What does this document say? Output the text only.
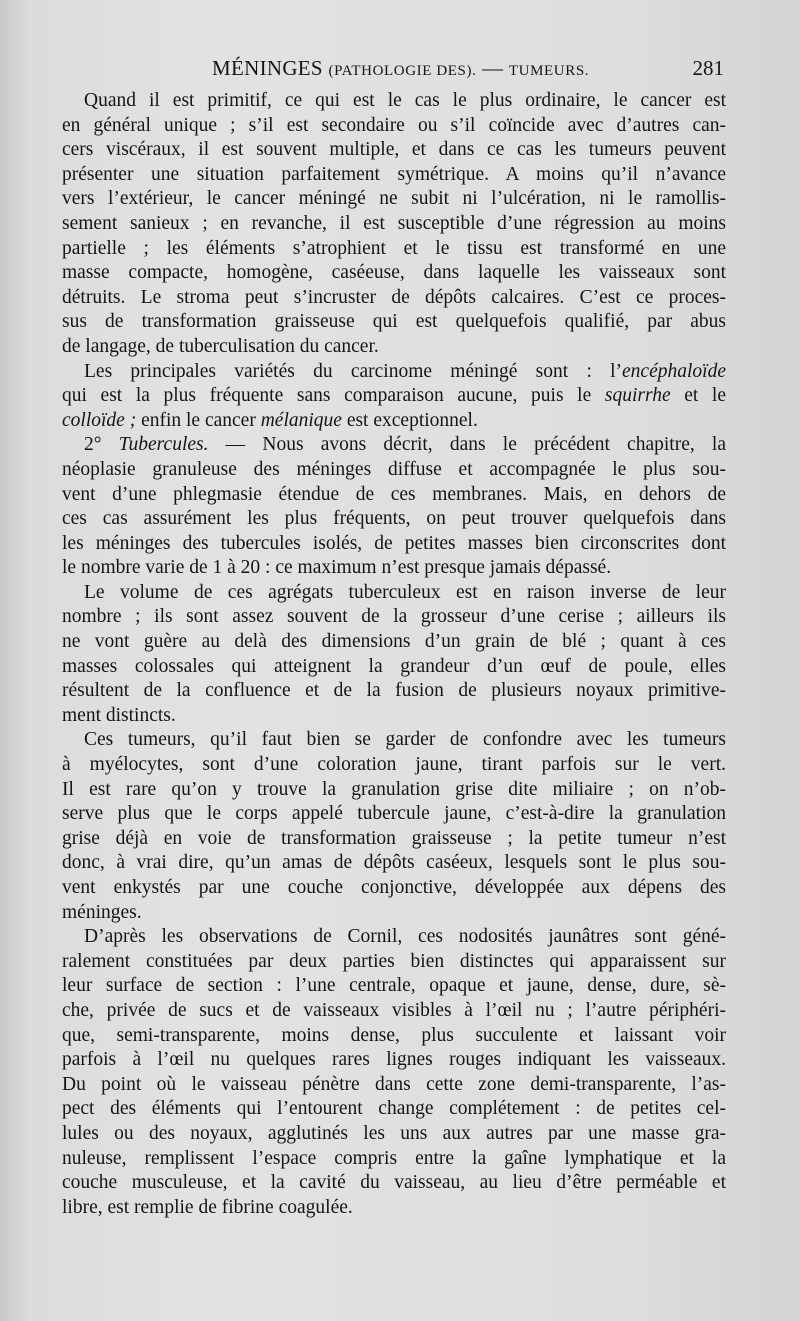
MÉNINGES (PATHOLOGIE DES). — TUMEURS.	281
Quand il est primitif, ce qui est le cas le plus ordinaire, le cancer est
en général unique ; s’il est secondaire ou s’il coïncide avec d’autres can-
cers viscéraux, il est souvent multiple, et dans ce cas les tumeurs peuvent
présenter une situation parfaitement symétrique. A moins qu’il n’avance
vers l’extérieur, le cancer méningé ne subit ni l’ulcération, ni le ramollis-
sement sanieux ; en revanche, il est susceptible d’une régression au moins
partielle ; les éléments s’atrophient et le tissu est transformé en une
masse compacte, homogène, caséeuse, dans laquelle les vaisseaux sont
détruits. Le stroma peut s’incruster de dépôts calcaires. C’est ce proces-
sus de transformation graisseuse qui est quelquefois qualifié, par abus
de langage, de tuberculisation du cancer.
Les principales variétés du carcinome méningé sont : l’encéphaloïde
qui est la plus fréquente sans comparaison aucune, puis le squirrhe et le
colloïde ; enfin le cancer mélanique est exceptionnel.
2° Tubercules. — Nous avons décrit, dans le précédent chapitre, la
néoplasie granuleuse des méninges diffuse et accompagnée le plus sou-
vent d’une phlegmasie étendue de ces membranes. Mais, en dehors de
ces cas assurément les plus fréquents, on peut trouver quelquefois dans
les méninges des tubercules isolés, de petites masses bien circonscrites dont
le nombre varie de 1 à 20 : ce maximum n’est presque jamais dépassé.
Le volume de ces agrégats tuberculeux est en raison inverse de leur
nombre ; ils sont assez souvent de la grosseur d’une cerise ; ailleurs ils
ne vont guère au delà des dimensions d’un grain de blé ; quant à ces
masses colossales qui atteignent la grandeur d’un œuf de poule, elles
résultent de la confluence et de la fusion de plusieurs noyaux primitive-
ment distincts.
Ces tumeurs, qu’il faut bien se garder de confondre avec les tumeurs
à myélocytes, sont d’une coloration jaune, tirant parfois sur le vert.
Il est rare qu’on y trouve la granulation grise dite miliaire ; on n’ob-
serve plus que le corps appelé tubercule jaune, c’est-à-dire la granulation
grise déjà en voie de transformation graisseuse ; la petite tumeur n’est
donc, à vrai dire, qu’un amas de dépôts caséeux, lesquels sont le plus sou-
vent enkystés par une couche conjonctive, développée aux dépens des
méninges.
D’après les observations de Cornil, ces nodosités jaunâtres sont géné-
ralement constituées par deux parties bien distinctes qui apparaissent sur
leur surface de section : l’une centrale, opaque et jaune, dense, dure, sè-
che, privée de sucs et de vaisseaux visibles à l’œil nu ; l’autre périphéri-
que, semi-transparente, moins dense, plus succulente et laissant voir
parfois à l’œil nu quelques rares lignes rouges indiquant les vaisseaux.
Du point où le vaisseau pénètre dans cette zone demi-transparente, l’as-
pect des éléments qui l’entourent change complétement : de petites cel-
lules ou des noyaux, agglutinés les uns aux autres par une masse gra-
nuleuse, remplissent l’espace compris entre la gaîne lymphatique et la
couche musculeuse, et la cavité du vaisseau, au lieu d’être perméable et
libre, est remplie de fibrine coagulée.
